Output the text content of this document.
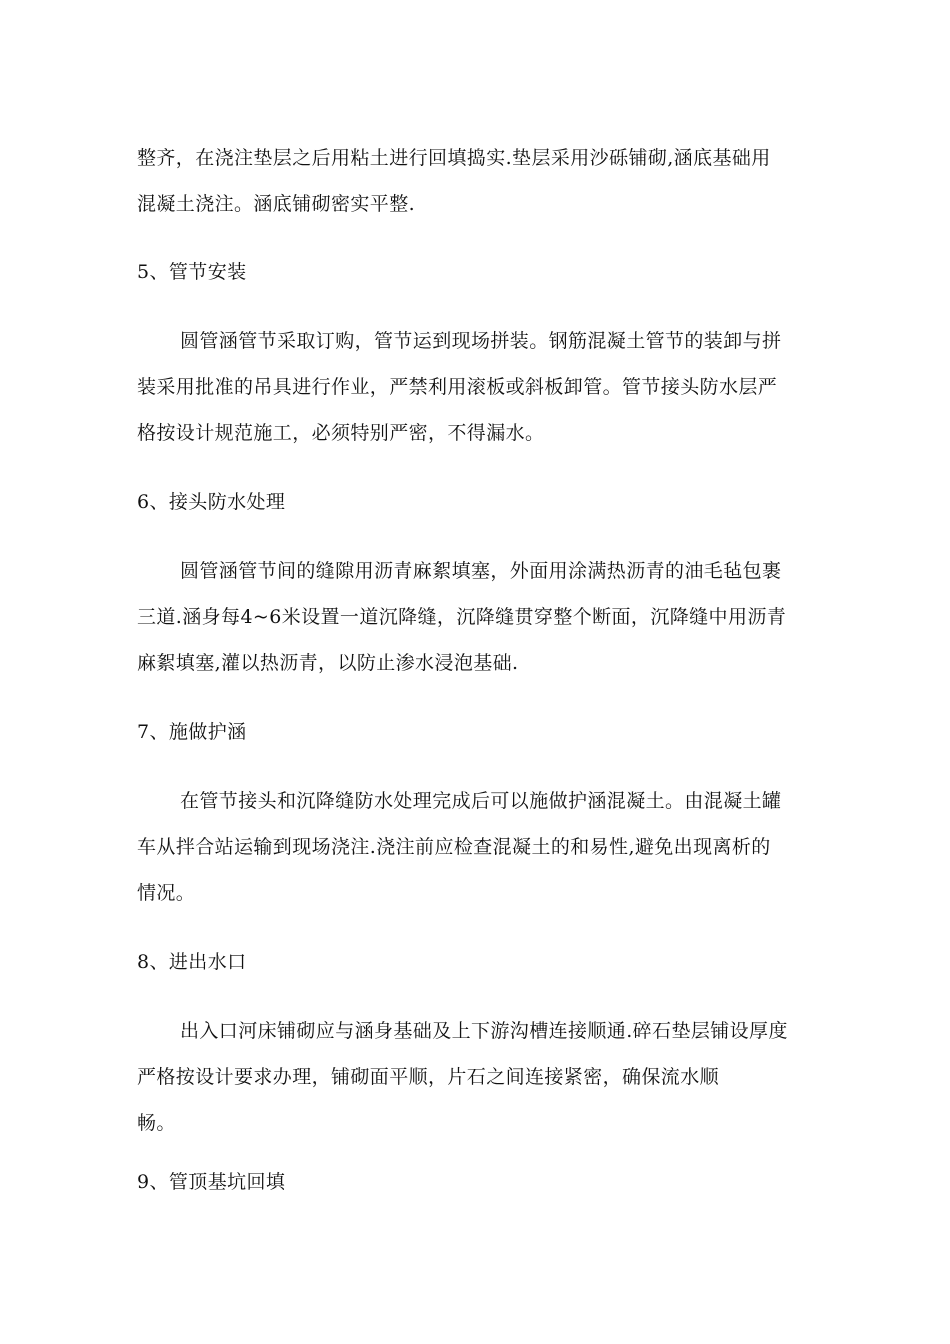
整齐，在浇注垫层之后用粘土进行回填捣实.垫层采用沙砾铺砌,涵底基础用
混凝土浇注。涵底铺砌密实平整.
5、管节安装
圆管涵管节采取订购，管节运到现场拼装。钢筋混凝土管节的装卸与拼
装采用批准的吊具进行作业，严禁利用滚板或斜板卸管。管节接头防水层严
格按设计规范施工，必须特别严密，不得漏水。
6、接头防水处理
圆管涵管节间的缝隙用沥青麻絮填塞，外面用涂满热沥青的油毛毡包裹
三道.涵身每4~6米设置一道沉降缝，沉降缝贯穿整个断面，沉降缝中用沥青
麻絮填塞,灌以热沥青，以防止渗水浸泡基础.
7、施做护涵
在管节接头和沉降缝防水处理完成后可以施做护涵混凝土。由混凝土罐
车从拌合站运输到现场浇注.浇注前应检查混凝土的和易性,避免出现离析的
情况。
8、进出水口
出入口河床铺砌应与涵身基础及上下游沟槽连接顺通.碎石垫层铺设厚度
严格按设计要求办理，铺砌面平顺，片石之间连接紧密，确保流水顺
畅。
9、管顶基坑回填
